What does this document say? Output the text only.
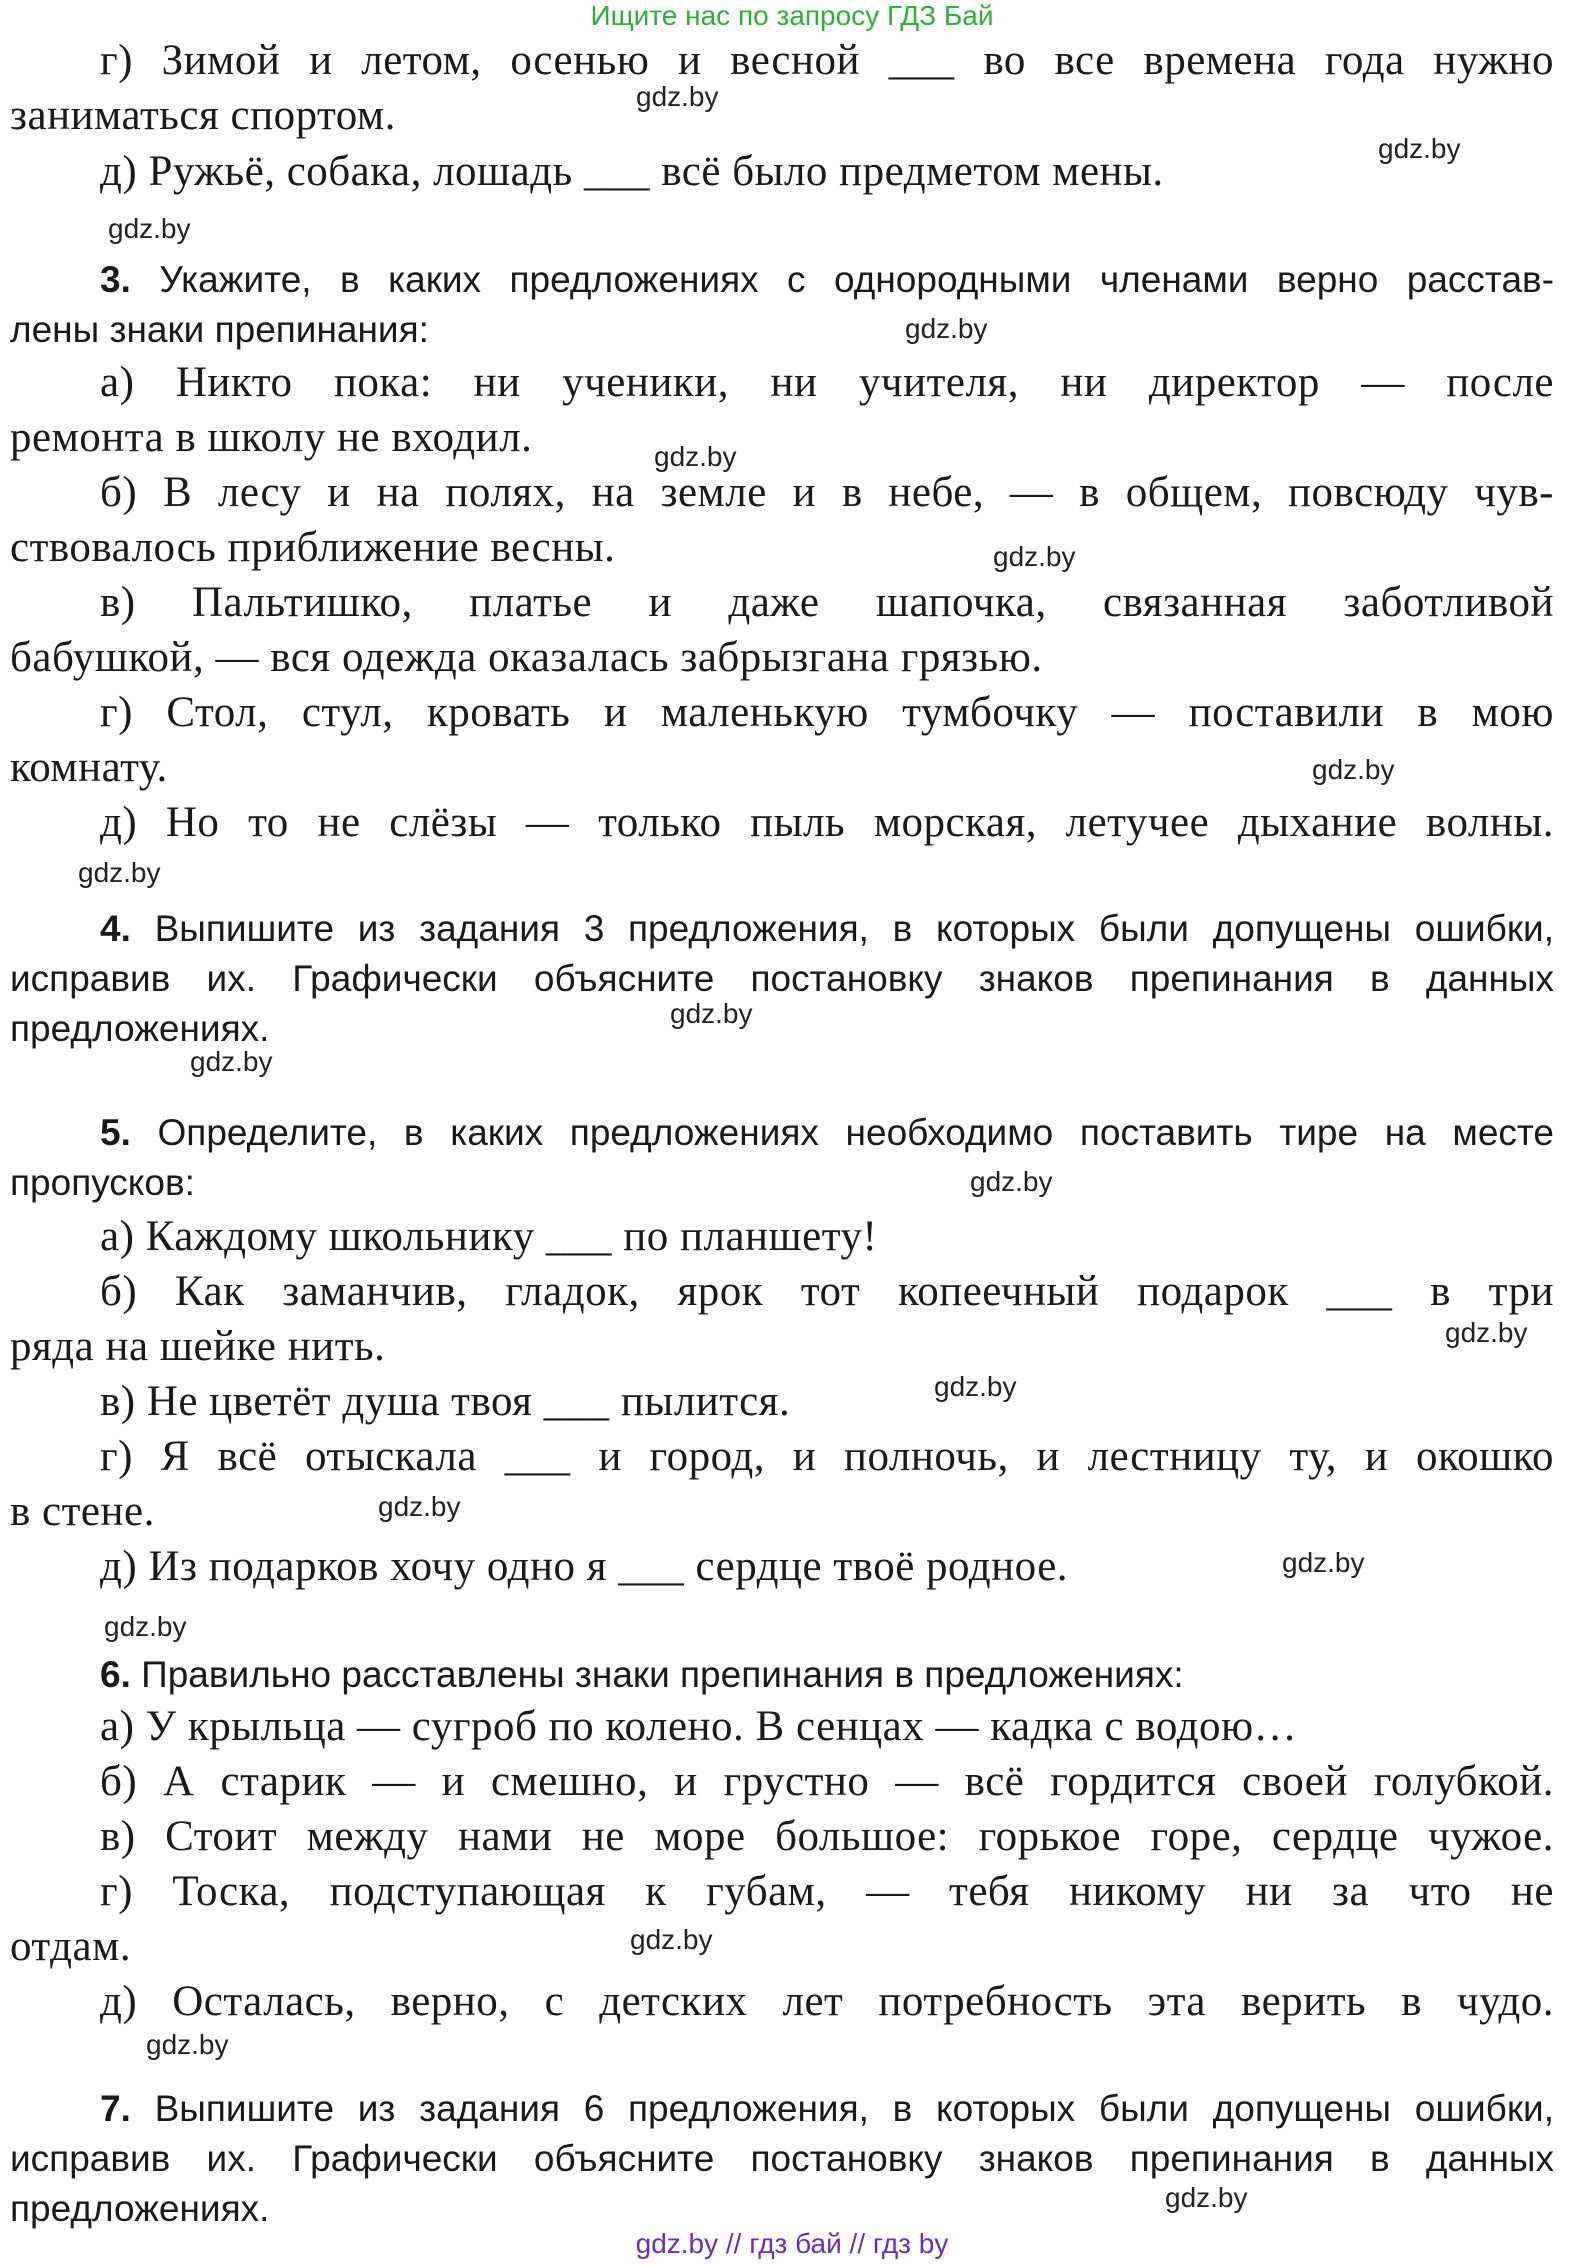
Ищите нас по запросу ГДЗ Бай
г) Зимой и летом, осенью и весной ___ во все времена года нужно
заниматься спортом.	gdz.by
д) Ружьё, собака, лошадь ___ всё было предметом мены.	gdz.by
gdz.by
3. Укажите, в каких предложениях с однородными членами верно расстав-
лены знаки препинания:	gdz.by
а) Никто пока: ни ученики, ни учителя, ни директор — после
ремонта в школу не входил.	gdz.by
б) В лесу и на полях, на земле и в небе, — в общем, повсюду чув-
ствовалось приближение весны.	gdz.by
в) Пальтишко, платье и даже шапочка, связанная заботливой
бабушкой, — вся одежда оказалась забрызгана грязью.
г) Стол, стул, кровать и маленькую тумбочку — поставили в мою
комнату.	gdz.by
д) Но то не слёзы — только пыль морская, летучее дыхание волны.
gdz.by
4. Выпишите из задания 3 предложения, в которых были допущены ошибки,
исправив их. Графически объясните постановку знаков препинания в данных
предложениях.	gdz.by
gdz.by
5. Определите, в каких предложениях необходимо поставить тире на месте
пропусков:	gdz.by
а) Каждому школьнику ___ по планшету!
б) Как заманчив, гладок, ярок тот копеечный подарок ___ в три
ряда на шейке нить.	gdz.by
в) Не цветёт душа твоя ___ пылится.	gdz.by
г) Я всё отыскала ___ и город, и полночь, и лестницу ту, и окошко
в стене.	gdz.by
д) Из подарков хочу одно я ___ сердце твоё родное.	gdz.by
gdz.by
6. Правильно расставлены знаки препинания в предложениях:
а) У крыльца — сугроб по колено. В сенцах — кадка с водою…
б) А старик — и смешно, и грустно — всё гордится своей голубкой.
в) Стоит между нами не море большое: горькое горе, сердце чужое.
г) Тоска, подступающая к губам, — тебя никому ни за что не
отдам.	gdz.by
д) Осталась, верно, с детских лет потребность эта верить в чудо.
gdz.by
7. Выпишите из задания 6 предложения, в которых были допущены ошибки,
исправив их. Графически объясните постановку знаков препинания в данных
предложениях.	gdz.by
gdz.by // гдз бай // гдз by
